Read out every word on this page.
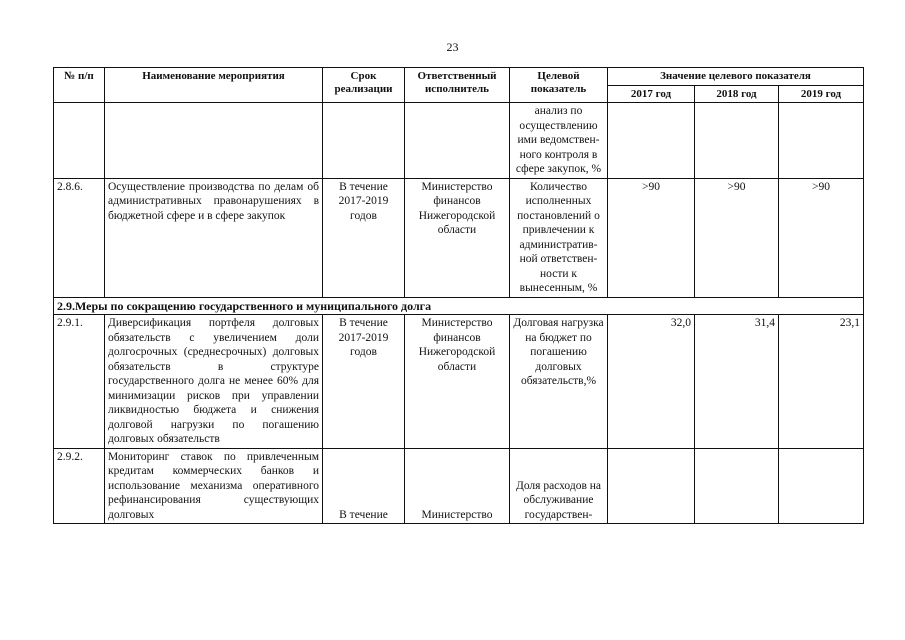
23
№ п/п	Наименование мероприятия	Срок реализации	Ответственный исполнитель	Целевой показатель	Значение целевого показателя		
					2017 год	2018 год	2019 год
				анализ по осуществлению ими ведомствен-ного контроля в сфере закупок, %			
2.8.6.	Осуществление производства по делам об административных правонарушениях в бюджетной сфере и в сфере закупок	В течение 2017-2019 годов	Министерство финансов Нижегородской области	Количество исполненных постановлений о привлечении к административ-ной ответствен-ности к вынесенным, %	>90	>90	>90
2.9.Меры по сокращению государственного и муниципального долга							
2.9.1.	Диверсификация портфеля долговых обязательств с увеличением доли долгосрочных (среднесрочных) долговых обязательств в структуре государственного долга не менее 60% для минимизации рисков при управлении ликвидностью бюджета и снижения долговой нагрузки по погашению долговых обязательств	В течение 2017-2019 годов	Министерство финансов Нижегородской области	Долговая нагрузка на бюджет по погашению долговых обязательств,%	32,0	31,4	23,1
2.9.2.	Мониторинг ставок по привлеченным кредитам коммерческих банков и использование механизма оперативного рефинансирования существующих долговых	В течение	Министерство	Доля расходов на обслуживание государствен-			
